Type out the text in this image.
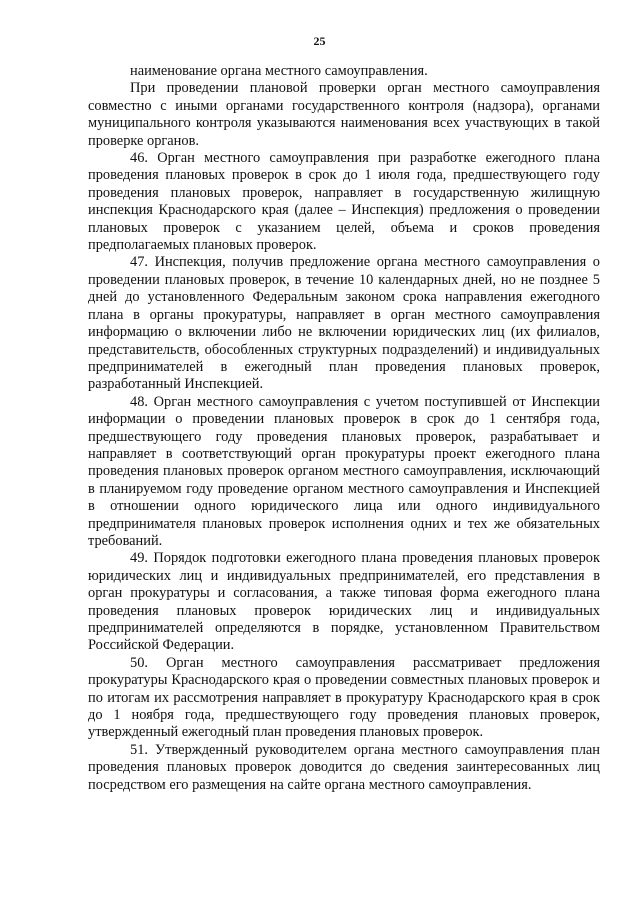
25

наименование органа местного самоуправления.

При проведении плановой проверки орган местного самоуправления совместно с иными органами государственного контроля (надзора), органами муниципального контроля указываются наименования всех участвующих в такой проверке органов.

46. Орган местного самоуправления при разработке ежегодного плана проведения плановых проверок в срок до 1 июля года, предшествующего году проведения плановых проверок, направляет в государственную жилищную инспекция Краснодарского края (далее – Инспекция) предложения о проведении плановых проверок с указанием целей, объема и сроков проведения предполагаемых плановых проверок.

47. Инспекция, получив предложение органа местного самоуправления о проведении плановых проверок, в течение 10 календарных дней, но не позднее 5 дней до установленного Федеральным законом срока направления ежегодного плана в органы прокуратуры, направляет в орган местного самоуправления информацию о включении либо не включении юридических лиц (их филиалов, представительств, обособленных структурных подразделений) и индивидуальных предпринимателей в ежегодный план проведения плановых проверок, разработанный Инспекцией.

48. Орган местного самоуправления с учетом поступившей от Инспекции информации о проведении плановых проверок в срок до 1 сентября года, предшествующего году проведения плановых проверок, разрабатывает и направляет в соответствующий орган прокуратуры проект ежегодного плана проведения плановых проверок органом местного самоуправления, исключающий в планируемом году проведение органом местного самоуправления и Инспекцией в отношении одного юридического лица или одного индивидуального предпринимателя плановых проверок исполнения одних и тех же обязательных требований.

49. Порядок подготовки ежегодного плана проведения плановых проверок юридических лиц и индивидуальных предпринимателей, его представления в орган прокуратуры и согласования, а также типовая форма ежегодного плана проведения плановых проверок юридических лиц и индивидуальных предпринимателей определяются в порядке, установленном Правительством Российской Федерации.

50. Орган местного самоуправления рассматривает предложения прокуратуры Краснодарского края о проведении совместных плановых проверок и по итогам их рассмотрения направляет в прокуратуру Краснодарского края в срок до 1 ноября года, предшествующего году проведения плановых проверок, утвержденный ежегодный план проведения плановых проверок.

51. Утвержденный руководителем органа местного самоуправления план проведения плановых проверок доводится до сведения заинтересованных лиц посредством его размещения на сайте органа местного самоуправления.
